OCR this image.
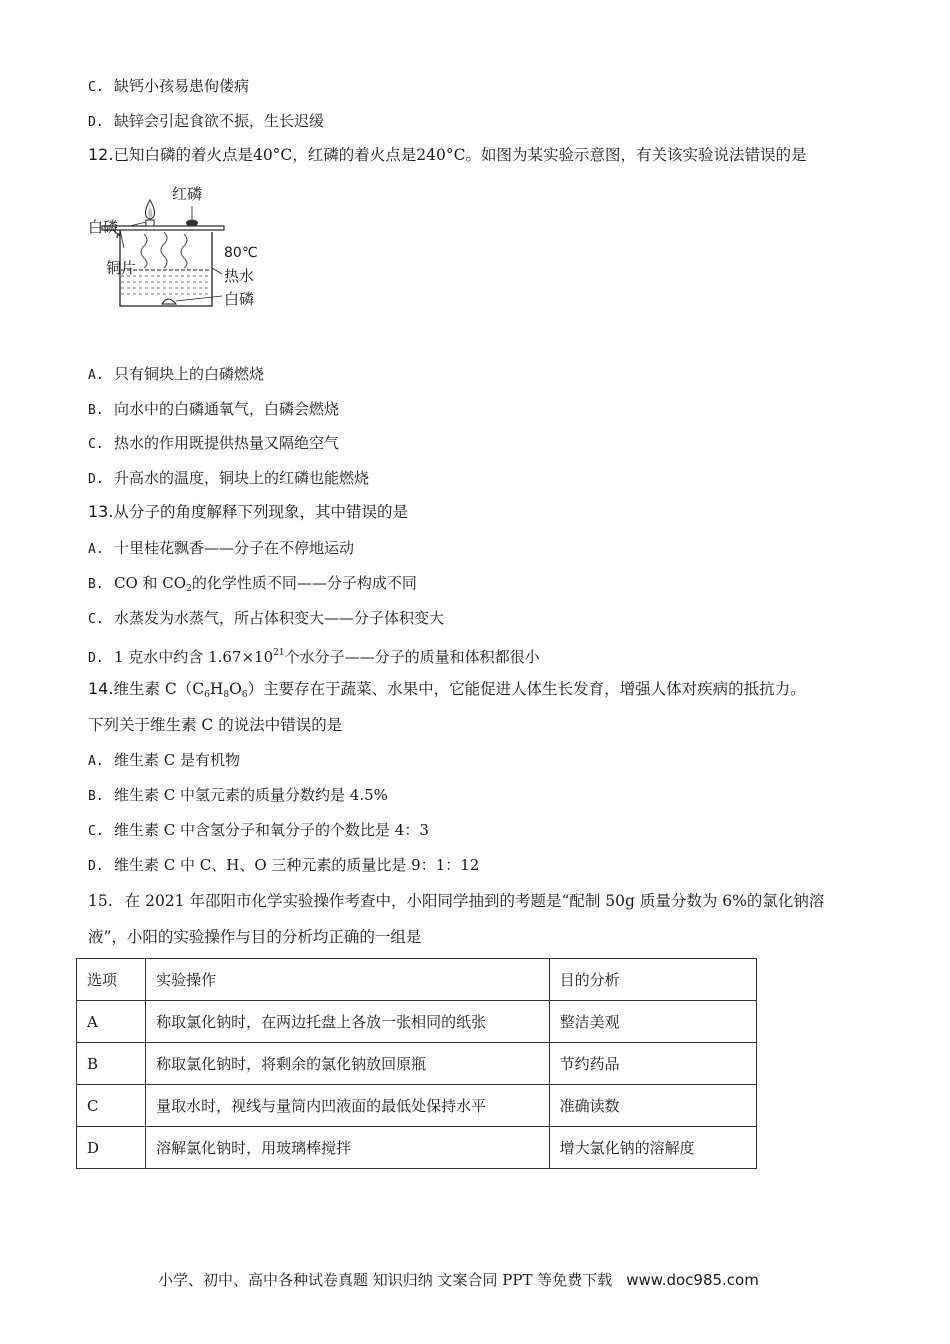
C. 缺钙小孩易患佝偻病
D. 缺锌会引起食欲不振，生长迟缓
12.已知白磷的着火点是40°C，红磷的着火点是240°C。如图为某实验示意图，有关该实验说法错误的是
红磷
白磷
铜片
80℃
热水
白磷
A. 只有铜块上的白磷燃烧
B. 向水中的白磷通氧气，白磷会燃烧
C. 热水的作用既提供热量又隔绝空气
D. 升高水的温度，铜块上的红磷也能燃烧
13.从分子的角度解释下列现象，其中错误的是
A. 十里桂花飘香——分子在不停地运动
B. CO 和 $CO_2$的化学性质不同——分子构成不同
C. 水蒸发为水蒸气，所占体积变大——分子体积变大
D. 1 克水中约含 $1.67\times 10^{21}$个水分子——分子的质量和体积都很小
14.维生素 $C(C_6H_8O_6)$主要存在于蔬菜、水果中，它能促进人体生长发育，增强人体对疾病的抵抗力。
下列关于维生素 C 的说法中错误的是
A. 维生素 C 是有机物
B. 维生素 C 中氢元素的质量分数约是 4.5%
C. 维生素 C 中含氢分子和氧分子的个数比是 4：3
D. 维生素 C 中 C、H、O 三种元素的质量比是 9：1：12
15. 在 2021 年邵阳市化学实验操作考查中，小阳同学抽到的考题是“配制 50g 质量分数为 6%的氯化钠溶
液”，小阳的实验操作与目的分析均正确的一组是
选项	实验操作	目的分析
A	称取氯化钠时，在两边托盘上各放一张相同的纸张	整洁美观
B	称取氯化钠时，将剩余的氯化钠放回原瓶	节约药品
C	量取水时，视线与量筒内凹液面的最低处保持水平	准确读数
D	溶解氯化钠时，用玻璃棒搅拌	增大氯化钠的溶解度
小学、初中、高中各种试卷真题 知识归纳 文案合同 PPT 等免费下载 www.doc985.com
